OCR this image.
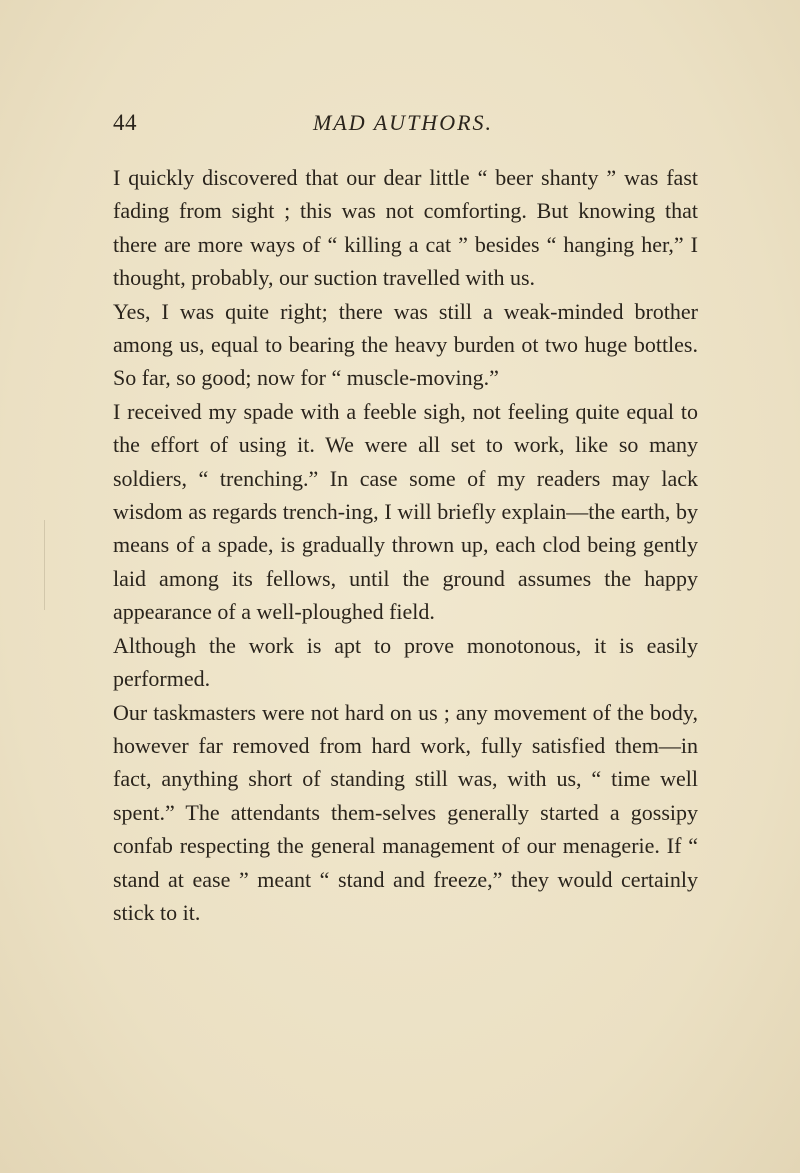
44	MAD AUTHORS.

I quickly discovered that our dear little “ beer shanty ” was fast fading from sight ; this was not comforting. But knowing that there are more ways of “ killing a cat ” besides “ hanging her,” I thought, probably, our suction travelled with us.

Yes, I was quite right; there was still a weak-minded brother among us, equal to bearing the heavy burden ot two huge bottles. So far, so good; now for “ muscle-moving.”

I received my spade with a feeble sigh, not feeling quite equal to the effort of using it. We were all set to work, like so many soldiers, “ trenching.” In case some of my readers may lack wisdom as regards trench-ing, I will briefly explain—the earth, by means of a spade, is gradually thrown up, each clod being gently laid among its fellows, until the ground assumes the happy appearance of a well-ploughed field.

Although the work is apt to prove monotonous, it is easily performed.

Our taskmasters were not hard on us ; any movement of the body, however far removed from hard work, fully satisfied them—in fact, anything short of standing still was, with us, “ time well spent.” The attendants them-selves generally started a gossipy confab respecting the general management of our menagerie. If “ stand at ease ” meant “ stand and freeze,” they would certainly stick to it.
